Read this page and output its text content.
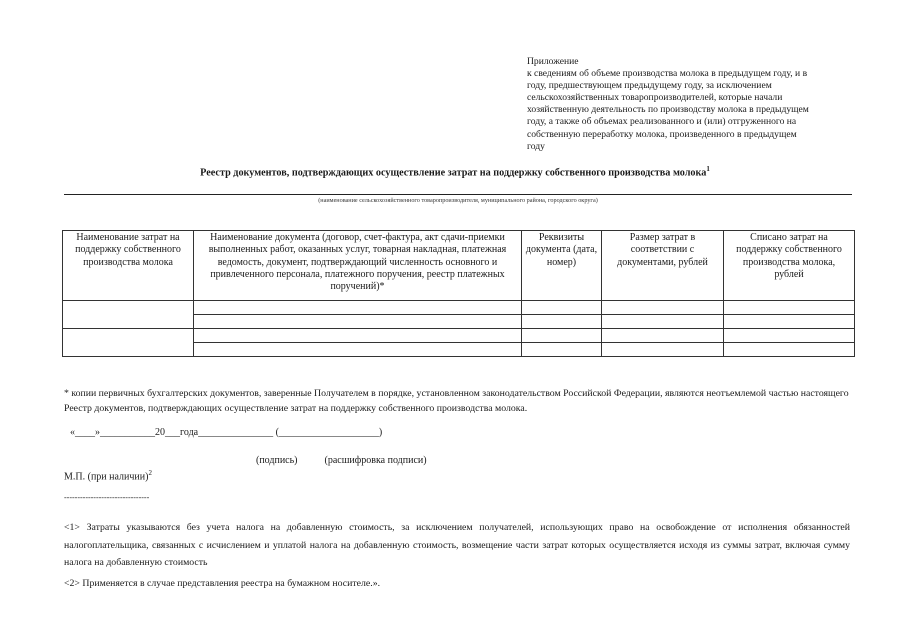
Приложение
к сведениям об объеме производства молока в предыдущем году, и в
году, предшествующем предыдущему году, за исключением
сельскохозяйственных товаропроизводителей, которые начали
хозяйственную деятельность по производству молока в предыдущем
году, а также об объемах реализованного и (или) отгруженного на
собственную переработку молока, произведенного в предыдущем
году
Реестр документов, подтверждающих осуществление затрат на поддержку собственного производства молока$^1$
(наименование сельскохозяйственного товаропроизводителя, муниципального района, городского округа)
Наименование затрат на поддержку собственного производства молока	Наименование документа (договор, счет-фактура, акт сдачи-приемки выполненных работ, оказанных услуг, товарная накладная, платежная ведомость, документ, подтверждающий численность основного и привлеченного персонала, платежного поручения, реестр платежных поручений)*	Реквизиты документа (дата, номер)	Размер затрат в соответствии с документами, рублей	Списано затрат на поддержку собственного производства молока, рублей

* копии первичных бухгалтерских документов, заверенные Получателем в порядке, установленном законодательством Российской Федерации, являются неотъемлемой частью настоящего Реестр документов, подтверждающих осуществление затрат на поддержку собственного производства молока.
«____»___________20___года_______________ (____________________)
(подпись)	(расшифровка подписи)
М.П. (при наличии)$^2$
--------------------------------
<1> Затраты указываются без учета налога на добавленную стоимость, за исключением получателей, использующих право на освобождение от исполнения обязанностей налогоплательщика, связанных с исчислением и уплатой налога на добавленную стоимость, возмещение части затрат которых осуществляется исходя из суммы затрат, включая сумму налога на добавленную стоимость
<2> Применяется в случае представления реестра на бумажном носителе.».
